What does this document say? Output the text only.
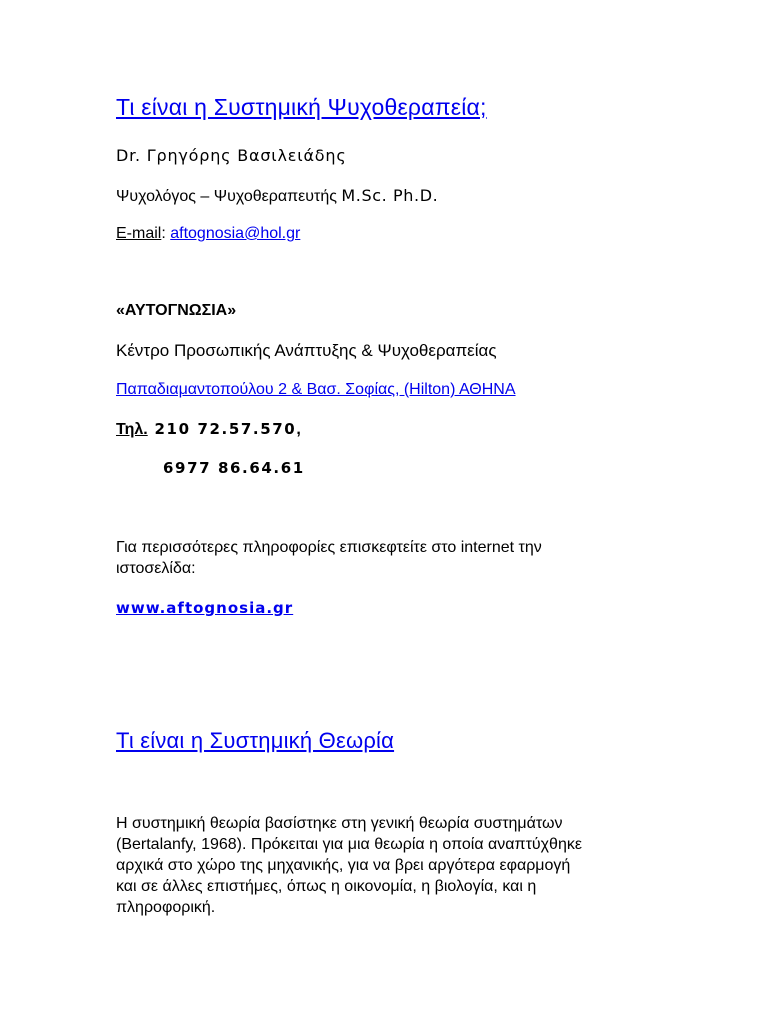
Τι είναι η Συστημική Ψυχοθεραπεία;
Dr. Γρηγόρης Βασιλειάδης
Ψυχολόγος – Ψυχοθεραπευτής M.Sc. Ph.D.
E-mail: aftognosia@hol.gr
«ΑΥΤΟΓΝΩΣΙΑ»
Κέντρο Προσωπικής Ανάπτυξης & Ψυχοθεραπείας
Παπαδιαμαντοπούλου 2 & Βασ. Σοφίας, (Hilton) ΑΘΗΝΑ
Τηλ. 210 72.57.570,
6977 86.64.61
Για περισσότερες πληροφορίες επισκεφτείτε στο internet την
ιστοσελίδα:
www.aftognosia.gr
Τι είναι η Συστημική Θεωρία
Η συστημική θεωρία βασίστηκε στη γενική θεωρία συστημάτων
(Bertalanfy, 1968). Πρόκειται για μια θεωρία η οποία αναπτύχθηκε
αρχικά στο χώρο της μηχανικής, για να βρει αργότερα εφαρμογή
και σε άλλες επιστήμες, όπως η οικονομία, η βιολογία, και η
πληροφορική.
